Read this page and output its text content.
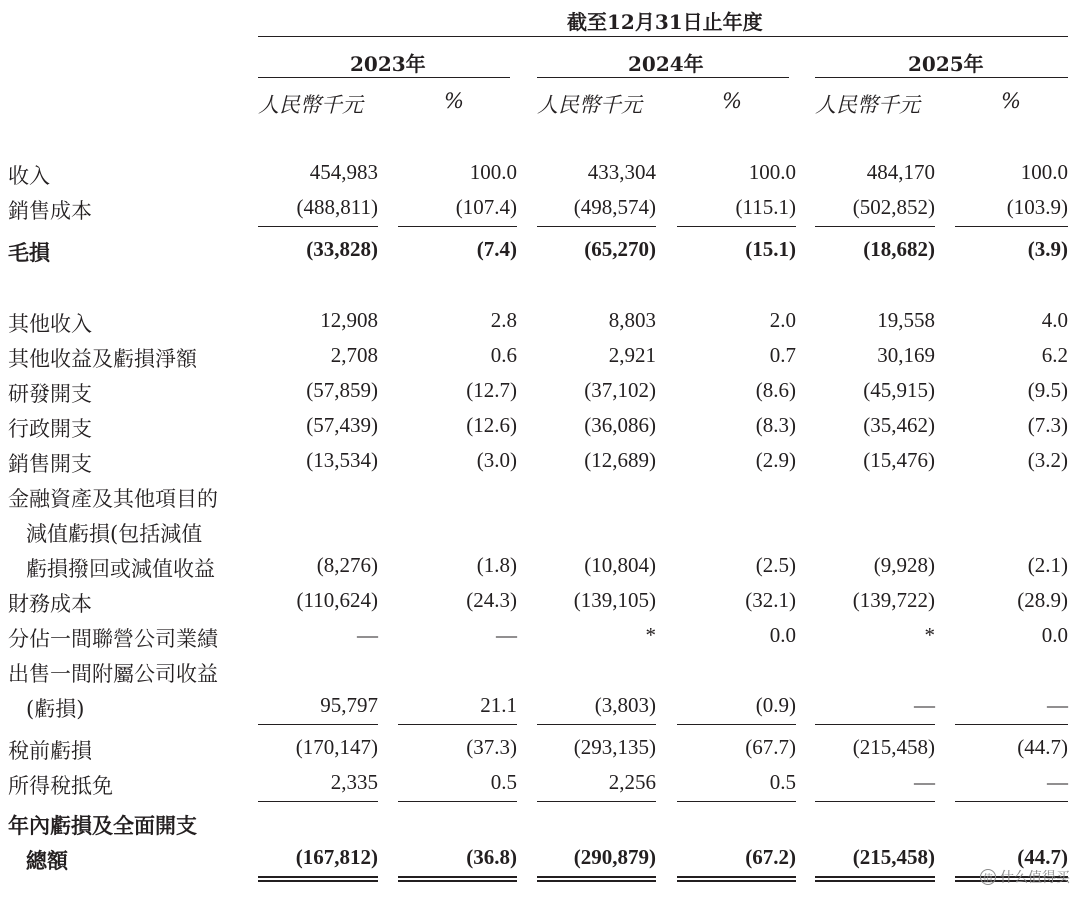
截至12月31日止年度
2023年	2024年	2025年
人民幣千元	%	人民幣千元	%	人民幣千元	%
收入	454,983	100.0	433,304	100.0	484,170	100.0
銷售成本	(488,811)	(107.4)	(498,574)	(115.1)	(502,852)	(103.9)
毛損	(33,828)	(7.4)	(65,270)	(15.1)	(18,682)	(3.9)
其他收入	12,908	2.8	8,803	2.0	19,558	4.0
其他收益及虧損淨額	2,708	0.6	2,921	0.7	30,169	6.2
研發開支	(57,859)	(12.7)	(37,102)	(8.6)	(45,915)	(9.5)
行政開支	(57,439)	(12.6)	(36,086)	(8.3)	(35,462)	(7.3)
銷售開支	(13,534)	(3.0)	(12,689)	(2.9)	(15,476)	(3.2)
金融資產及其他項目的
減值虧損(包括減值
虧損撥回或減值收益	(8,276)	(1.8)	(10,804)	(2.5)	(9,928)	(2.1)
財務成本	(110,624)	(24.3)	(139,105)	(32.1)	(139,722)	(28.9)
分佔一間聯營公司業績	—	—	*	0.0	*	0.0
出售一間附屬公司收益
(虧損)	95,797	21.1	(3,803)	(0.9)	—	—
稅前虧損	(170,147)	(37.3)	(293,135)	(67.7)	(215,458)	(44.7)
所得稅抵免	2,335	0.5	2,256	0.5	—	—
年內虧損及全面開支
總額	(167,812)	(36.8)	(290,879)	(67.2)	(215,458)	(44.7)
值 什么值得买
